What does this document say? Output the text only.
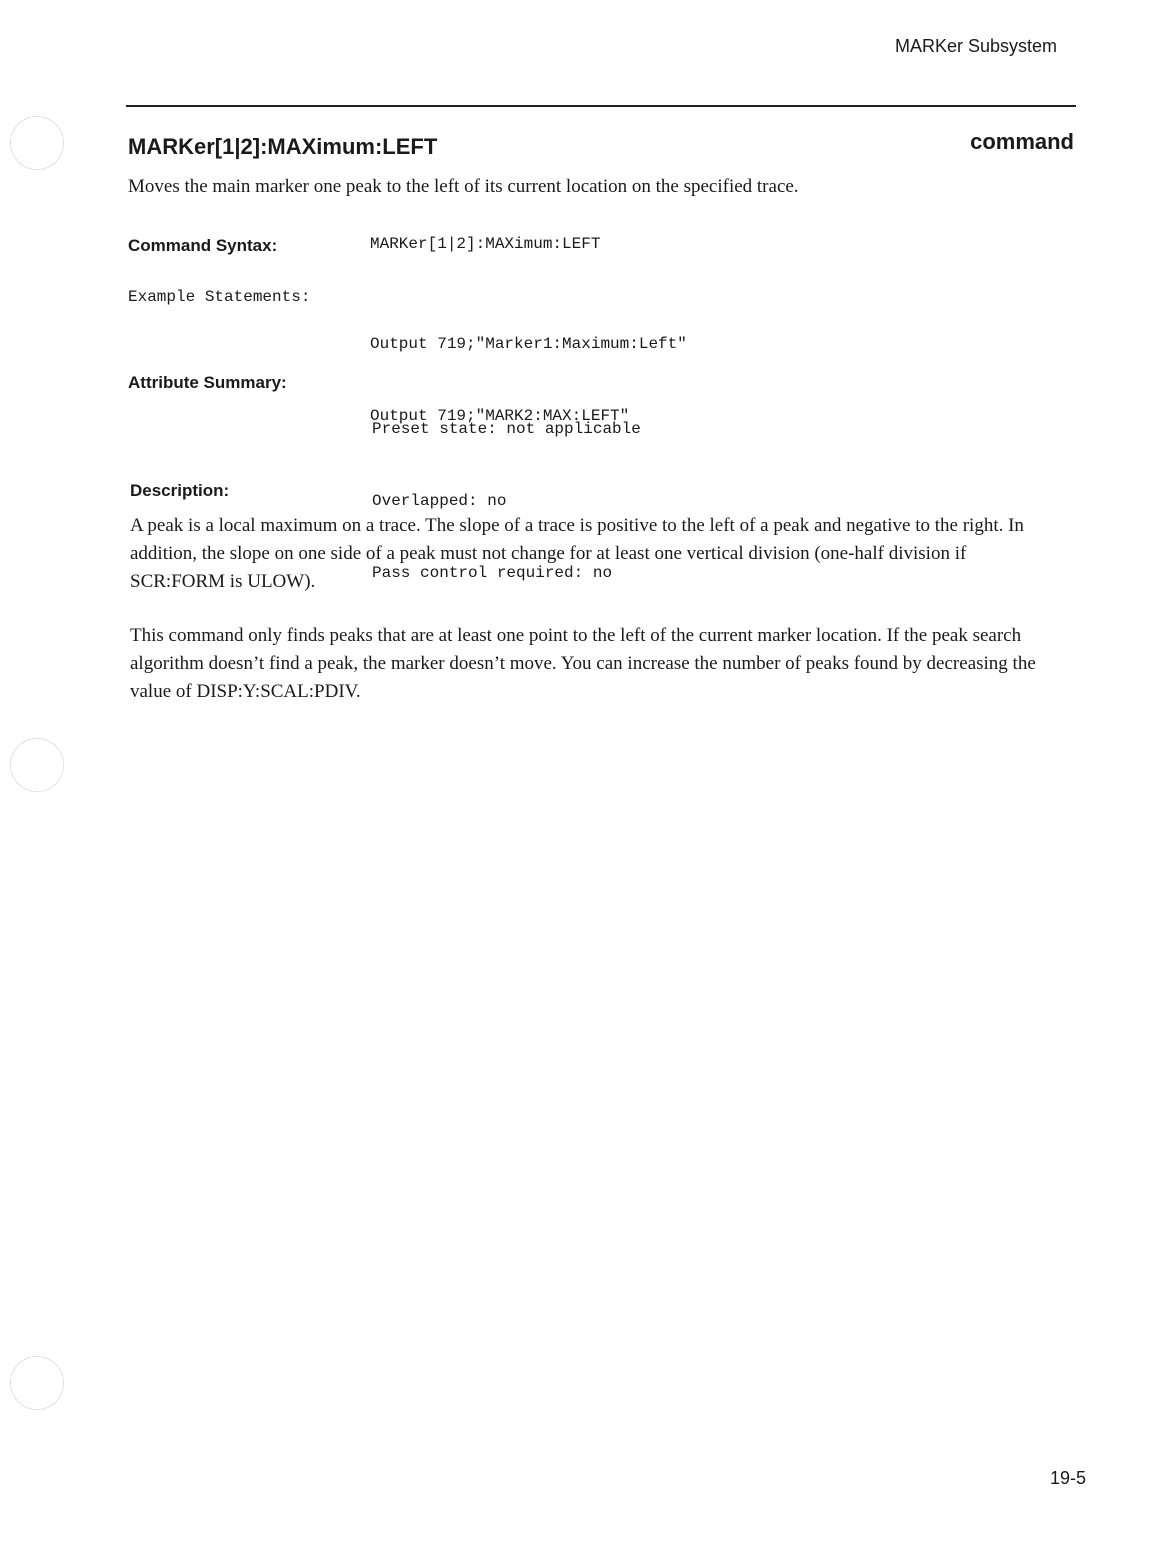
MARKer Subsystem
MARKer[1|2]:MAXimum:LEFT	command
Moves the main marker one peak to the left of its current location on the specified trace.
Command Syntax:	MARKer[1|2]:MAXimum:LEFT
Example Statements:

Output 719;"Marker1:Maximum:Left"

Output 719;"MARK2:MAX:LEFT"

Attribute Summary:

Preset state: not applicable

Overlapped: no

Pass control required: no

Description:
A peak is a local maximum on a trace. The slope of a trace is positive to the left of a peak and negative to the right. In addition, the slope on one side of a peak must not change for at least one vertical division (one-half division if SCR:FORM is ULOW).
This command only finds peaks that are at least one point to the left of the current marker location. If the peak search algorithm doesn’t find a peak, the marker doesn’t move. You can increase the number of peaks found by decreasing the value of DISP:Y:SCAL:PDIV.
19-5
